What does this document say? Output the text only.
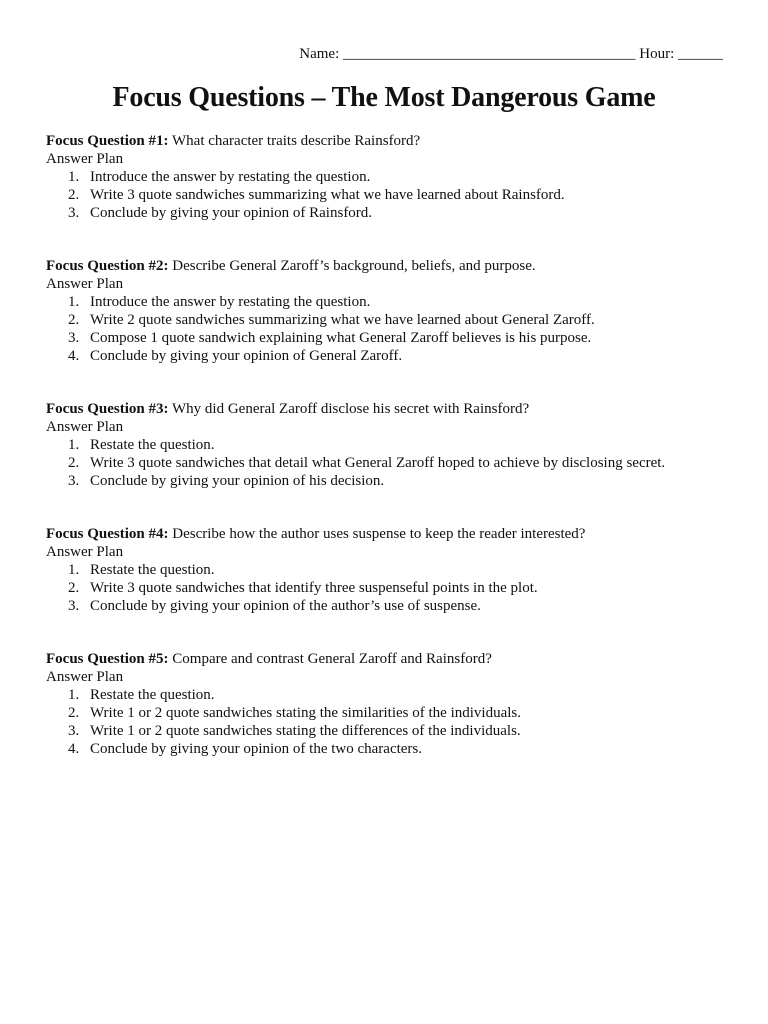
Name: _______________________________________ Hour: ______
Focus Questions – The Most Dangerous Game
Focus Question #1: What character traits describe Rainsford?
Answer Plan
1. Introduce the answer by restating the question.
2. Write 3 quote sandwiches summarizing what we have learned about Rainsford.
3. Conclude by giving your opinion of Rainsford.
Focus Question #2: Describe General Zaroff’s background, beliefs, and purpose.
Answer Plan
1. Introduce the answer by restating the question.
2. Write 2 quote sandwiches summarizing what we have learned about General Zaroff.
3. Compose 1 quote sandwich explaining what General Zaroff believes is his purpose.
4. Conclude by giving your opinion of General Zaroff.
Focus Question #3: Why did General Zaroff disclose his secret with Rainsford?
Answer Plan
1. Restate the question.
2. Write 3 quote sandwiches that detail what General Zaroff hoped to achieve by disclosing secret.
3. Conclude by giving your opinion of his decision.
Focus Question #4: Describe how the author uses suspense to keep the reader interested?
Answer Plan
1. Restate the question.
2. Write 3 quote sandwiches that identify three suspenseful points in the plot.
3. Conclude by giving your opinion of the author’s use of suspense.
Focus Question #5: Compare and contrast General Zaroff and Rainsford?
Answer Plan
1. Restate the question.
2. Write 1 or 2 quote sandwiches stating the similarities of the individuals.
3. Write 1 or 2 quote sandwiches stating the differences of the individuals.
4. Conclude by giving your opinion of the two characters.
